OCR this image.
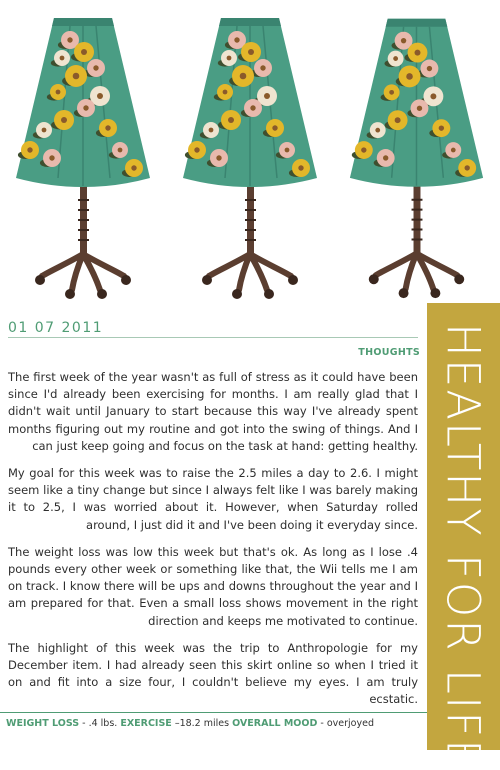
HEALTHY FOR LIFE
01 07 2011
THOUGHTS

The first week of the year wasn't as full of stress as it could have been since I'd already been exercising for months. I am really glad that I didn't wait until January to start because this way I've already spent months figuring out my routine and got into the swing of things. And I can just keep going and focus on the task at hand: getting healthy.

My goal for this week was to raise the 2.5 miles a day to 2.6. I might seem like a tiny change but since I always felt like I was barely making it to 2.5, I was worried about it. However, when Saturday rolled around, I just did it and I've been doing it everyday since.

The weight loss was low this week but that's ok. As long as I lose .4 pounds every other week or something like that, the Wii tells me I am on track. I know there will be ups and downs throughout the year and I am prepared for that. Even a small loss shows movement in the right direction and keeps me motivated to continue.

The highlight of this week was the trip to Anthropologie for my December item. I had already seen this skirt online so when I tried it on and fit into a size four, I couldn't believe my eyes. I am truly ecstatic.

WEIGHT LOSS - .4 lbs. EXERCISE –18.2 miles OVERALL MOOD - overjoyed
